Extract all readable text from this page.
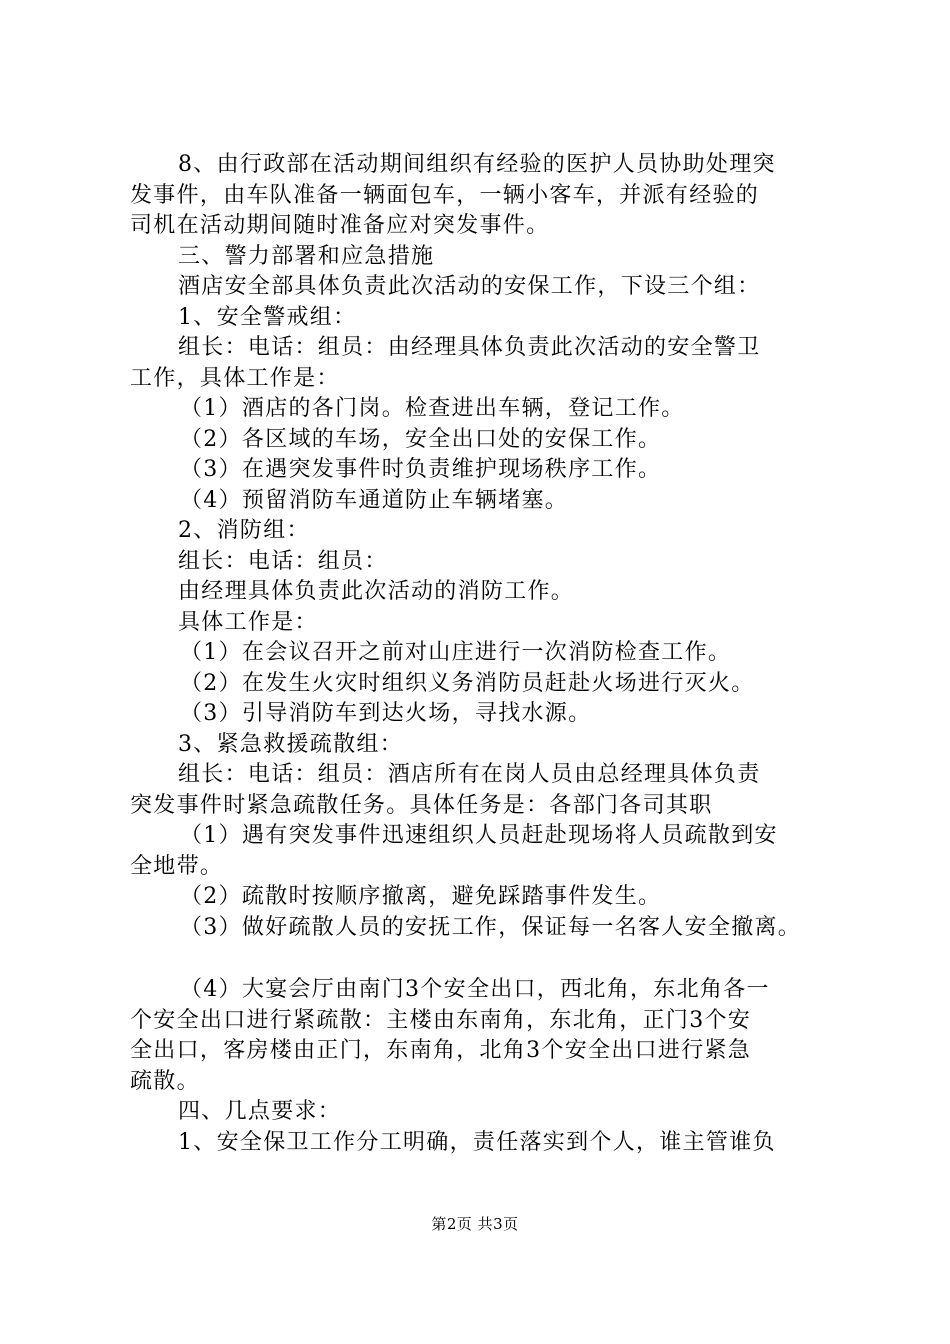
8、由行政部在活动期间组织有经验的医护人员协助处理突

发事件，由车队准备一辆面包车，一辆小客车，并派有经验的

司机在活动期间随时准备应对突发事件。

三、警力部署和应急措施

酒店安全部具体负责此次活动的安保工作，下设三个组：

1、安全警戒组：

组长：电话：组员：由经理具体负责此次活动的安全警卫

工作，具体工作是：

（1）酒店的各门岗。检查进出车辆，登记工作。

（2）各区域的车场，安全出口处的安保工作。

（3）在遇突发事件时负责维护现场秩序工作。

（4）预留消防车通道防止车辆堵塞。

2、消防组：

组长：电话：组员：

由经理具体负责此次活动的消防工作。

具体工作是：

（1）在会议召开之前对山庄进行一次消防检查工作。

（2）在发生火灾时组织义务消防员赶赴火场进行灭火。

（3）引导消防车到达火场，寻找水源。

3、紧急救援疏散组：

组长：电话：组员：酒店所有在岗人员由总经理具体负责

突发事件时紧急疏散任务。具体任务是：各部门各司其职

（1）遇有突发事件迅速组织人员赶赴现场将人员疏散到安

全地带。

（2）疏散时按顺序撤离，避免踩踏事件发生。

（3）做好疏散人员的安抚工作，保证每一名客人安全撤离。

（4）大宴会厅由南门3个安全出口，西北角，东北角各一

个安全出口进行紧疏散：主楼由东南角，东北角，正门3个安

全出口，客房楼由正门，东南角，北角3个安全出口进行紧急

疏散。

四、几点要求：

1、安全保卫工作分工明确，责任落实到个人，谁主管谁负

第2页 共3页
